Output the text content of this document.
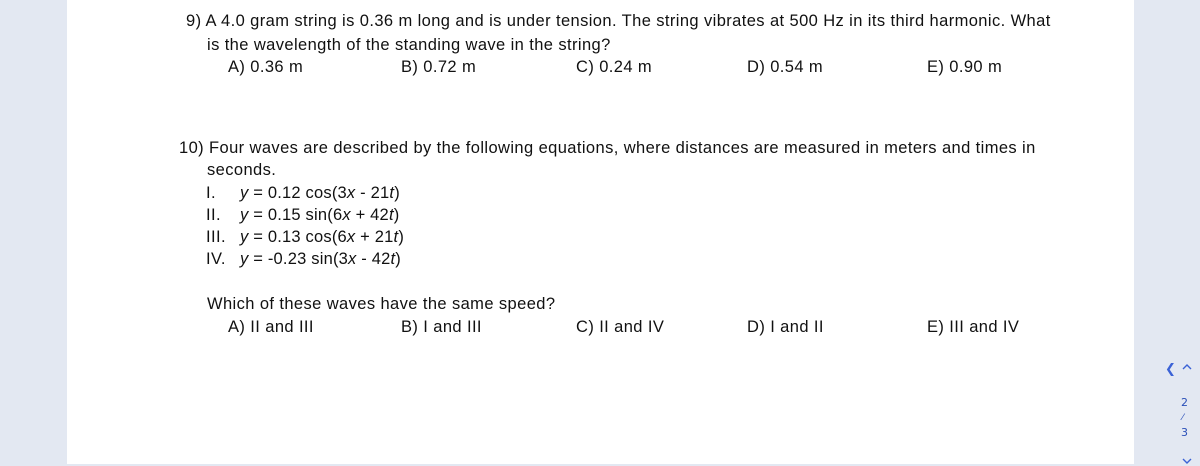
9) A 4.0 gram string is 0.36 m long and is under tension. The string vibrates at 500 Hz in its third harmonic. What
is the wavelength of the standing wave in the string?
A) 0.36 m	B) 0.72 m	C) 0.24 m	D) 0.54 m	E) 0.90 m
10) Four waves are described by the following equations, where distances are measured in meters and times in
seconds.
I. y = 0.12 cos(3x - 21t)
II. y = 0.15 sin(6x + 42t)
III. y = 0.13 cos(6x + 21t)
IV. y = -0.23 sin(3x - 42t)
Which of these waves have the same speed?
A) II and III	B) I and III	C) II and IV	D) I and II	E) III and IV
❮
2
⁄
3
